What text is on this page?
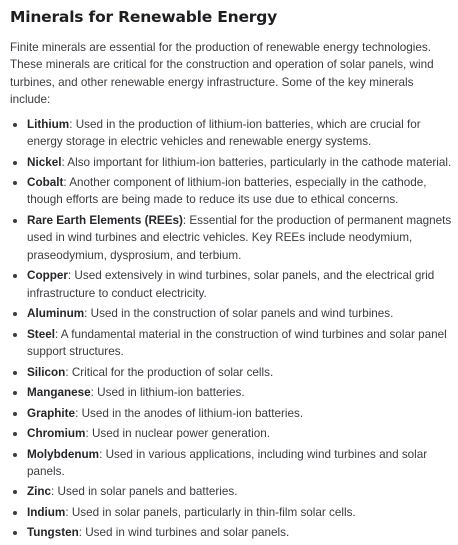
Minerals for Renewable Energy

Finite minerals are essential for the production of renewable energy technologies. These minerals are critical for the construction and operation of solar panels, wind turbines, and other renewable energy infrastructure. Some of the key minerals include:

Lithium: Used in the production of lithium-ion batteries, which are crucial for energy storage in electric vehicles and renewable energy systems.
Nickel: Also important for lithium-ion batteries, particularly in the cathode material.
Cobalt: Another component of lithium-ion batteries, especially in the cathode, though efforts are being made to reduce its use due to ethical concerns.
Rare Earth Elements (REEs): Essential for the production of permanent magnets used in wind turbines and electric vehicles. Key REEs include neodymium, praseodymium, dysprosium, and terbium.
Copper: Used extensively in wind turbines, solar panels, and the electrical grid infrastructure to conduct electricity.
Aluminum: Used in the construction of solar panels and wind turbines.
Steel: A fundamental material in the construction of wind turbines and solar panel support structures.
Silicon: Critical for the production of solar cells.
Manganese: Used in lithium-ion batteries.
Graphite: Used in the anodes of lithium-ion batteries.
Chromium: Used in nuclear power generation.
Molybdenum: Used in various applications, including wind turbines and solar panels.
Zinc: Used in solar panels and batteries.
Indium: Used in solar panels, particularly in thin-film solar cells.
Tungsten: Used in wind turbines and solar panels.
